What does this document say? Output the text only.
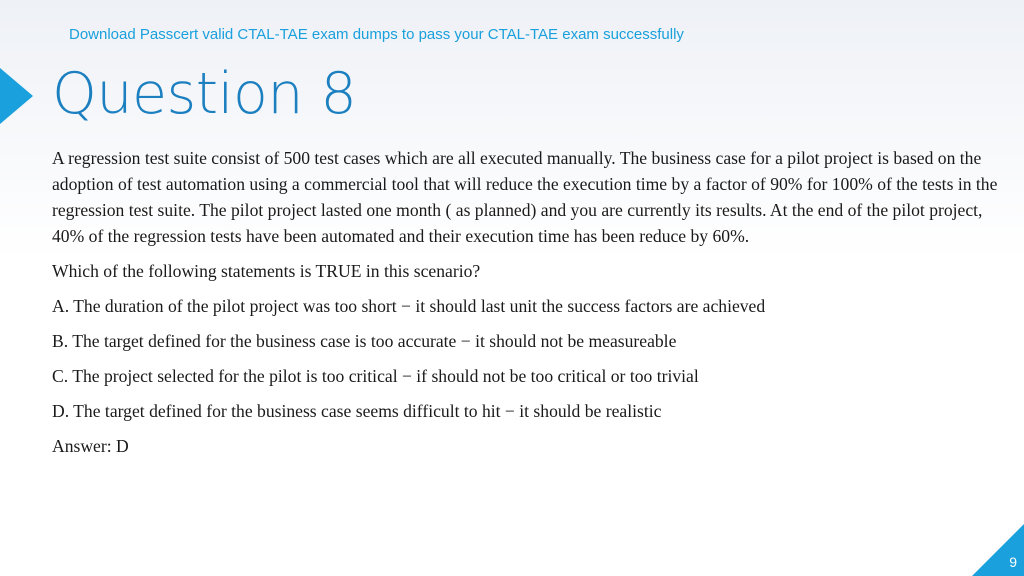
Download Passcert valid CTAL-TAE exam dumps to pass your CTAL-TAE exam successfully
Question 8

A regression test suite consist of 500 test cases which are all executed manually. The business case for a pilot project is based on the adoption of test automation using a commercial tool that will reduce the execution time by a factor of 90% for 100% of the tests in the regression test suite. The pilot project lasted one month ( as planned) and you are currently its results. At the end of the pilot project, 40% of the regression tests have been automated and their execution time has been reduce by 60%.

Which of the following statements is TRUE in this scenario?

A. The duration of the pilot project was too short − it should last unit the success factors are achieved

B. The target defined for the business case is too accurate − it should not be measureable

C. The project selected for the pilot is too critical − if should not be too critical or too trivial

D. The target defined for the business case seems difficult to hit − it should be realistic

Answer: D

9
